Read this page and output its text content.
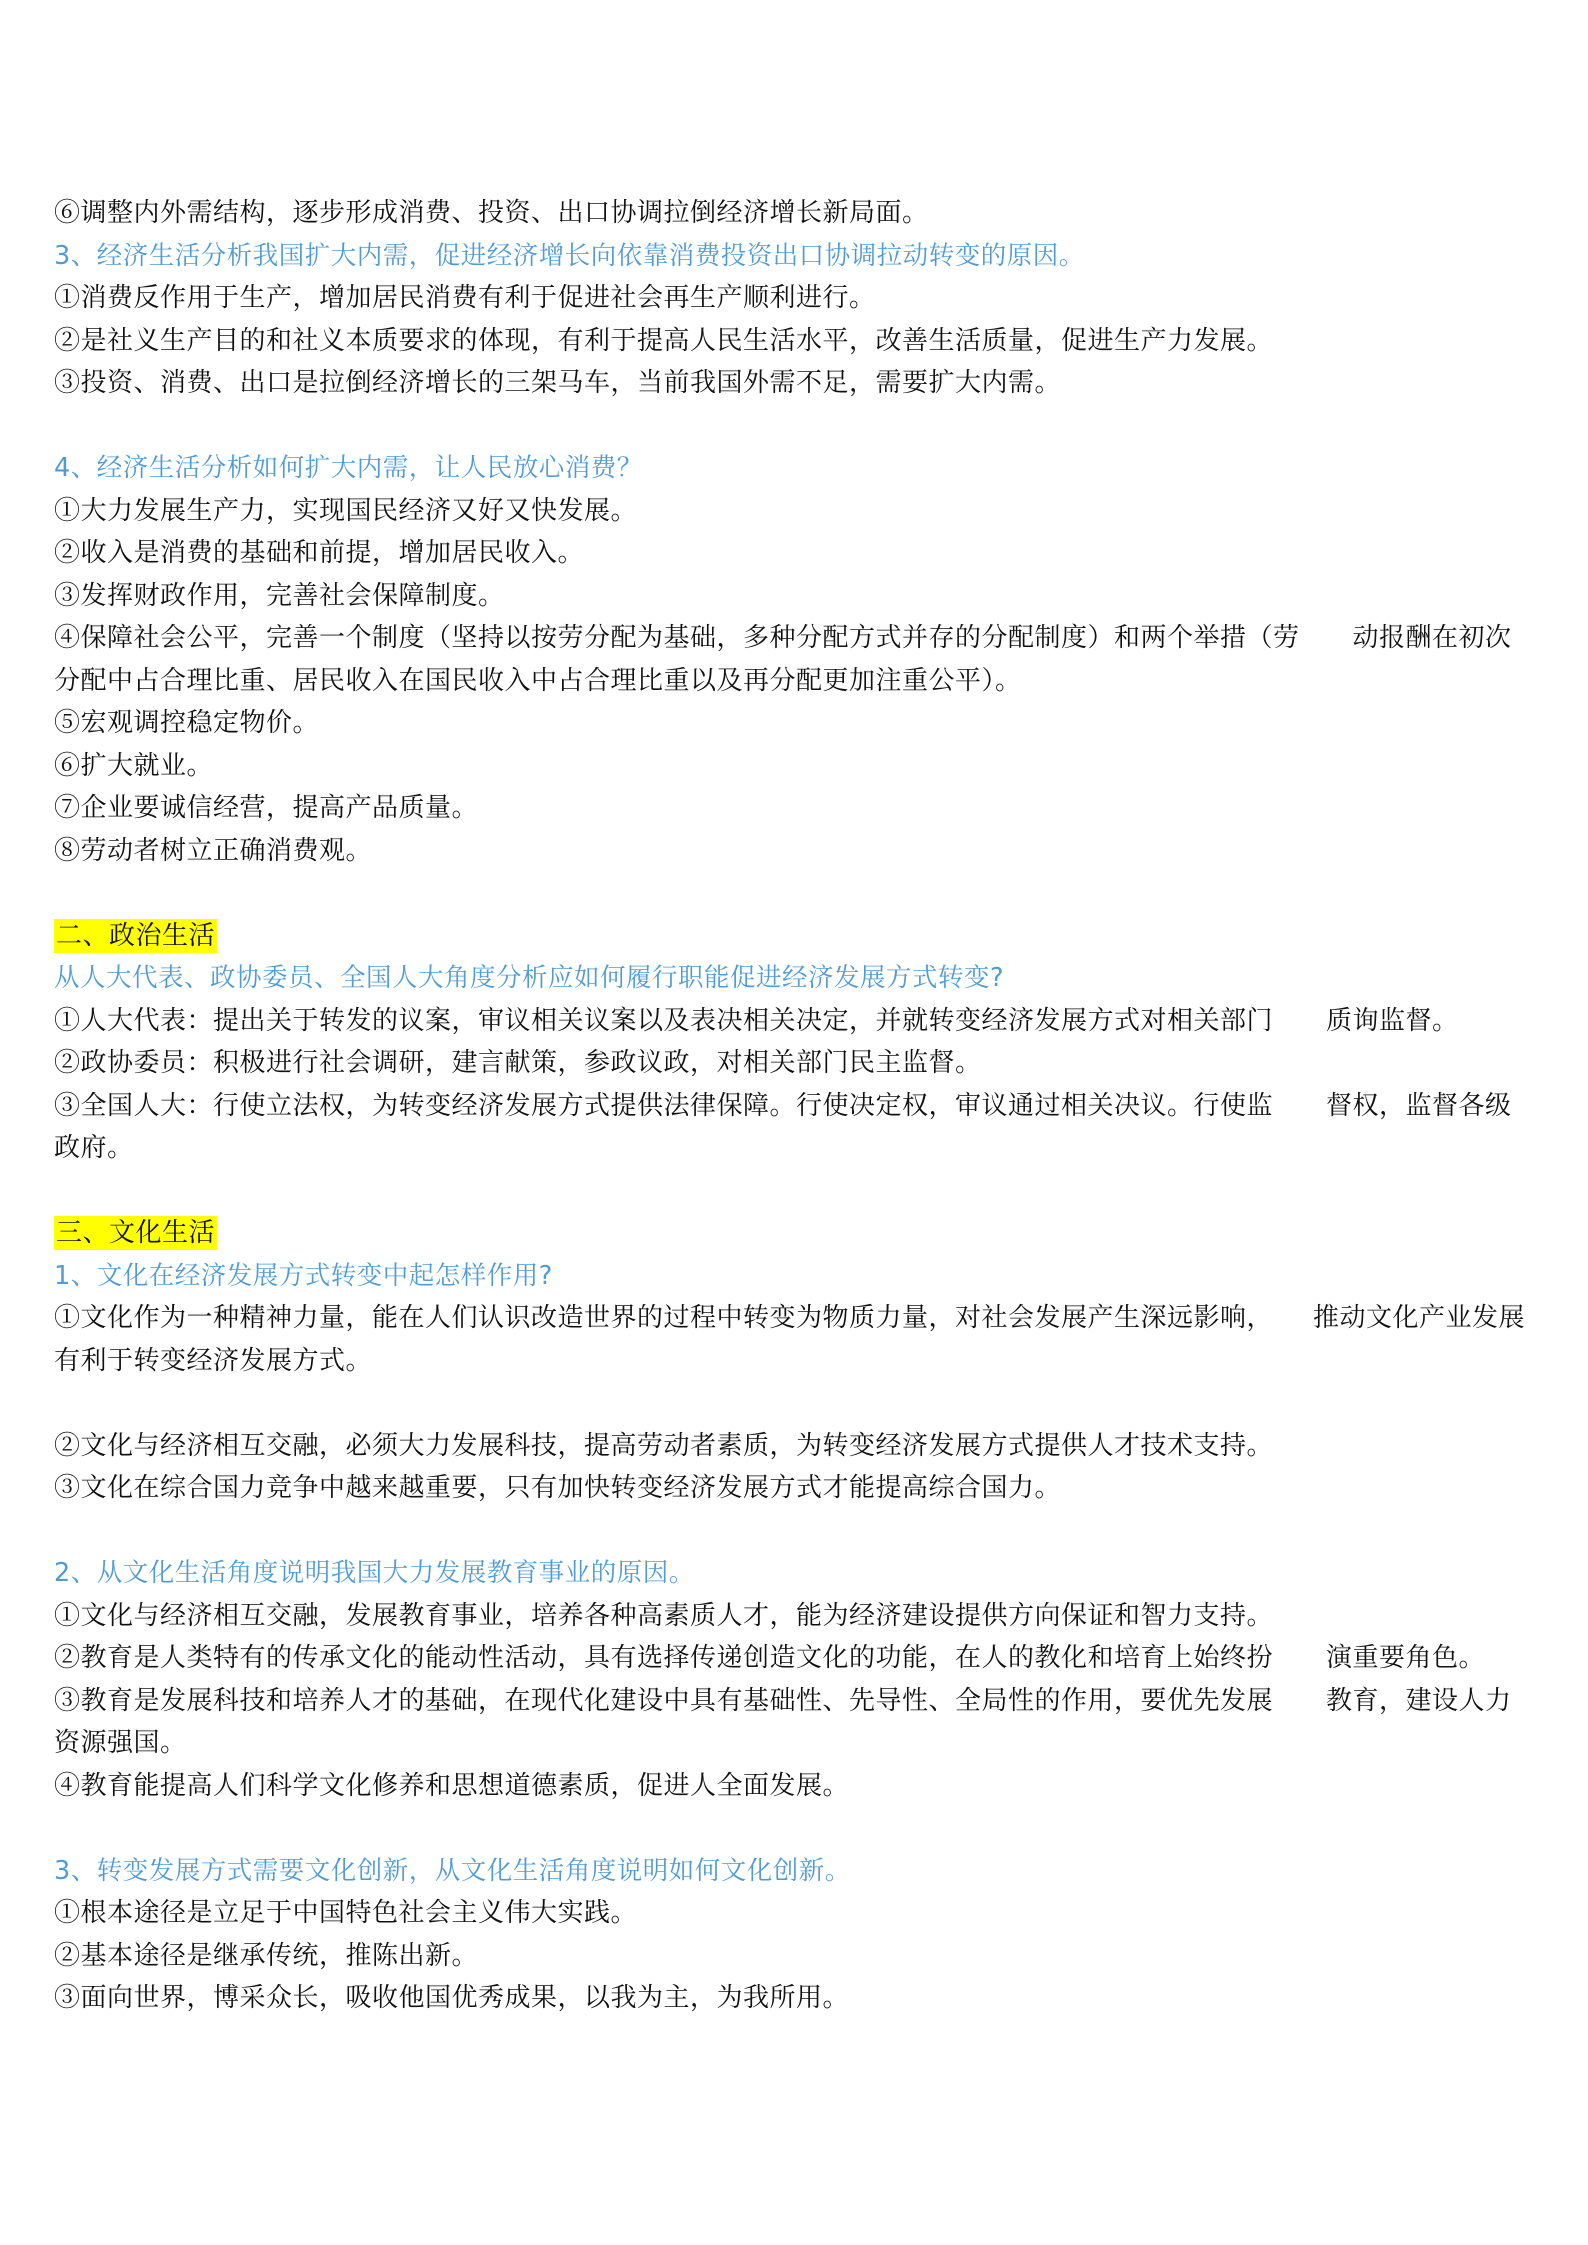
⑥调整内外需结构，逐步形成消费、投资、出口协调拉倒经济增长新局面。

3、经济生活分析我国扩大内需，促进经济增长向依靠消费投资出口协调拉动转变的原因。

①消费反作用于生产，增加居民消费有利于促进社会再生产顺利进行。

②是社义生产目的和社义本质要求的体现，有利于提高人民生活水平，改善生活质量，促进生产力发展。

③投资、消费、出口是拉倒经济增长的三架马车，当前我国外需不足，需要扩大内需。

4、经济生活分析如何扩大内需，让人民放心消费？

①大力发展生产力，实现国民经济又好又快发展。

②收入是消费的基础和前提，增加居民收入。

③发挥财政作用，完善社会保障制度。

④保障社会公平，完善一个制度（坚持以按劳分配为基础，多种分配方式并存的分配制度）和两个举措（劳　　动报酬在初次分配中占合理比重、居民收入在国民收入中占合理比重以及再分配更加注重公平）。

⑤宏观调控稳定物价。

⑥扩大就业。

⑦企业要诚信经营，提高产品质量。

⑧劳动者树立正确消费观。

二、政治生活

从人大代表、政协委员、全国人大角度分析应如何履行职能促进经济发展方式转变?

①人大代表：提出关于转发的议案，审议相关议案以及表决相关决定，并就转变经济发展方式对相关部门　　质询监督。

②政协委员：积极进行社会调研，建言献策，参政议政，对相关部门民主监督。

③全国人大：行使立法权，为转变经济发展方式提供法律保障。行使决定权，审议通过相关决议。行使监　　督权，监督各级政府。

三、文化生活

1、文化在经济发展方式转变中起怎样作用?

①文化作为一种精神力量，能在人们认识改造世界的过程中转变为物质力量，对社会发展产生深远影响，　　推动文化产业发展有利于转变经济发展方式。

②文化与经济相互交融，必须大力发展科技，提高劳动者素质，为转变经济发展方式提供人才技术支持。

③文化在综合国力竞争中越来越重要，只有加快转变经济发展方式才能提高综合国力。

2、从文化生活角度说明我国大力发展教育事业的原因。

①文化与经济相互交融，发展教育事业，培养各种高素质人才，能为经济建设提供方向保证和智力支持。

②教育是人类特有的传承文化的能动性活动，具有选择传递创造文化的功能，在人的教化和培育上始终扮　　演重要角色。

③教育是发展科技和培养人才的基础，在现代化建设中具有基础性、先导性、全局性的作用，要优先发展　　教育，建设人力资源强国。

④教育能提高人们科学文化修养和思想道德素质，促进人全面发展。

3、转变发展方式需要文化创新，从文化生活角度说明如何文化创新。

①根本途径是立足于中国特色社会主义伟大实践。

②基本途径是继承传统，推陈出新。

③面向世界，博采众长，吸收他国优秀成果，以我为主，为我所用。
